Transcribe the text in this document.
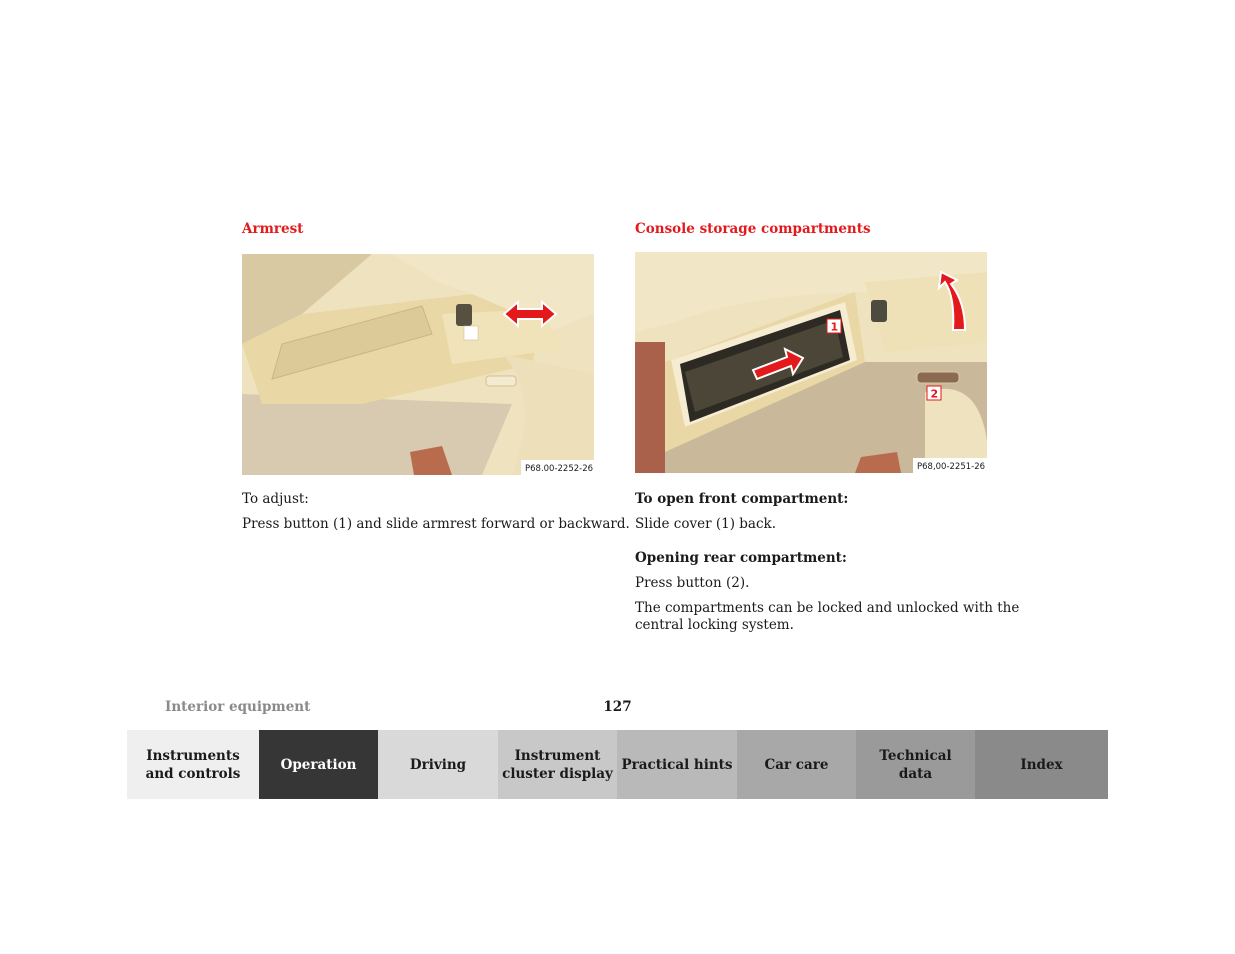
Armrest
P68.00-2252-26
To adjust:
Press button (1) and slide armrest forward or backward.
Console storage compartments
1
2
P68,00-2251-26
To open front compartment:
Slide cover (1) back.
Opening rear compartment:
Press button (2).
The compartments can be locked and unlocked with the
central locking system.
Interior equipment	127
Instruments
and controls
Operation	Driving
Instrument
cluster display
Practical hints Car care
Technical
data
Index
